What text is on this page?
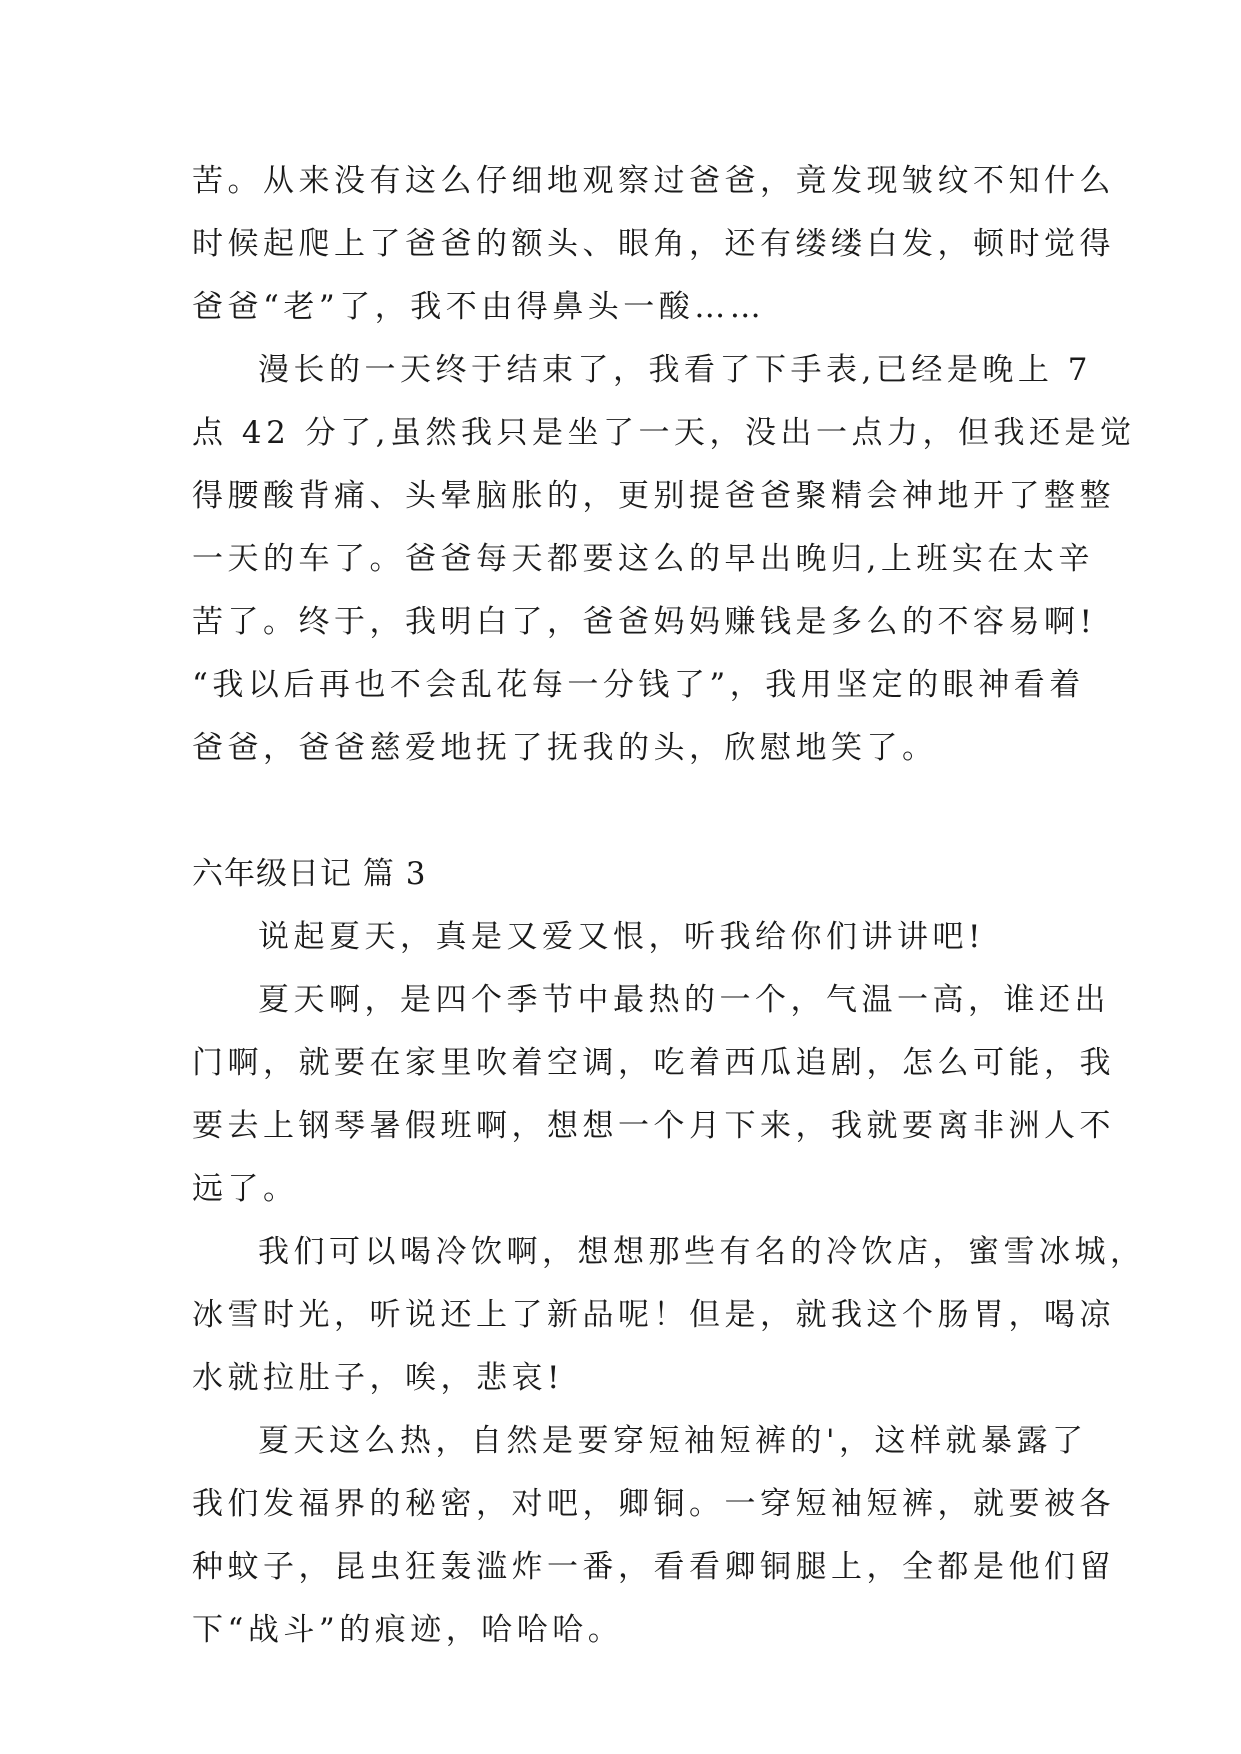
苦。从来没有这么仔细地观察过爸爸，竟发现皱纹不知什么
时候起爬上了爸爸的额头、眼角，还有缕缕白发，顿时觉得
爸爸“老”了，我不由得鼻头一酸……
漫长的一天终于结束了，我看了下手表,已经是晚上 7
点 42 分了,虽然我只是坐了一天，没出一点力，但我还是觉
得腰酸背痛、头晕脑胀的，更别提爸爸聚精会神地开了整整
一天的车了。爸爸每天都要这么的早出晚归,上班实在太辛
苦了。终于，我明白了，爸爸妈妈赚钱是多么的不容易啊!
“我以后再也不会乱花每一分钱了”，我用坚定的眼神看着
爸爸，爸爸慈爱地抚了抚我的头，欣慰地笑了。
六年级日记 篇 3
说起夏天，真是又爱又恨，听我给你们讲讲吧!
夏天啊，是四个季节中最热的一个，气温一高，谁还出
门啊，就要在家里吹着空调，吃着西瓜追剧，怎么可能，我
要去上钢琴暑假班啊，想想一个月下来，我就要离非洲人不
远了。
我们可以喝冷饮啊，想想那些有名的冷饮店，蜜雪冰城，
冰雪时光，听说还上了新品呢！但是，就我这个肠胃，喝凉
水就拉肚子，唉，悲哀!
夏天这么热，自然是要穿短袖短裤的'，这样就暴露了
我们发福界的秘密，对吧，卿铜。一穿短袖短裤，就要被各
种蚊子，昆虫狂轰滥炸一番，看看卿铜腿上，全都是他们留
下“战斗”的痕迹，哈哈哈。
